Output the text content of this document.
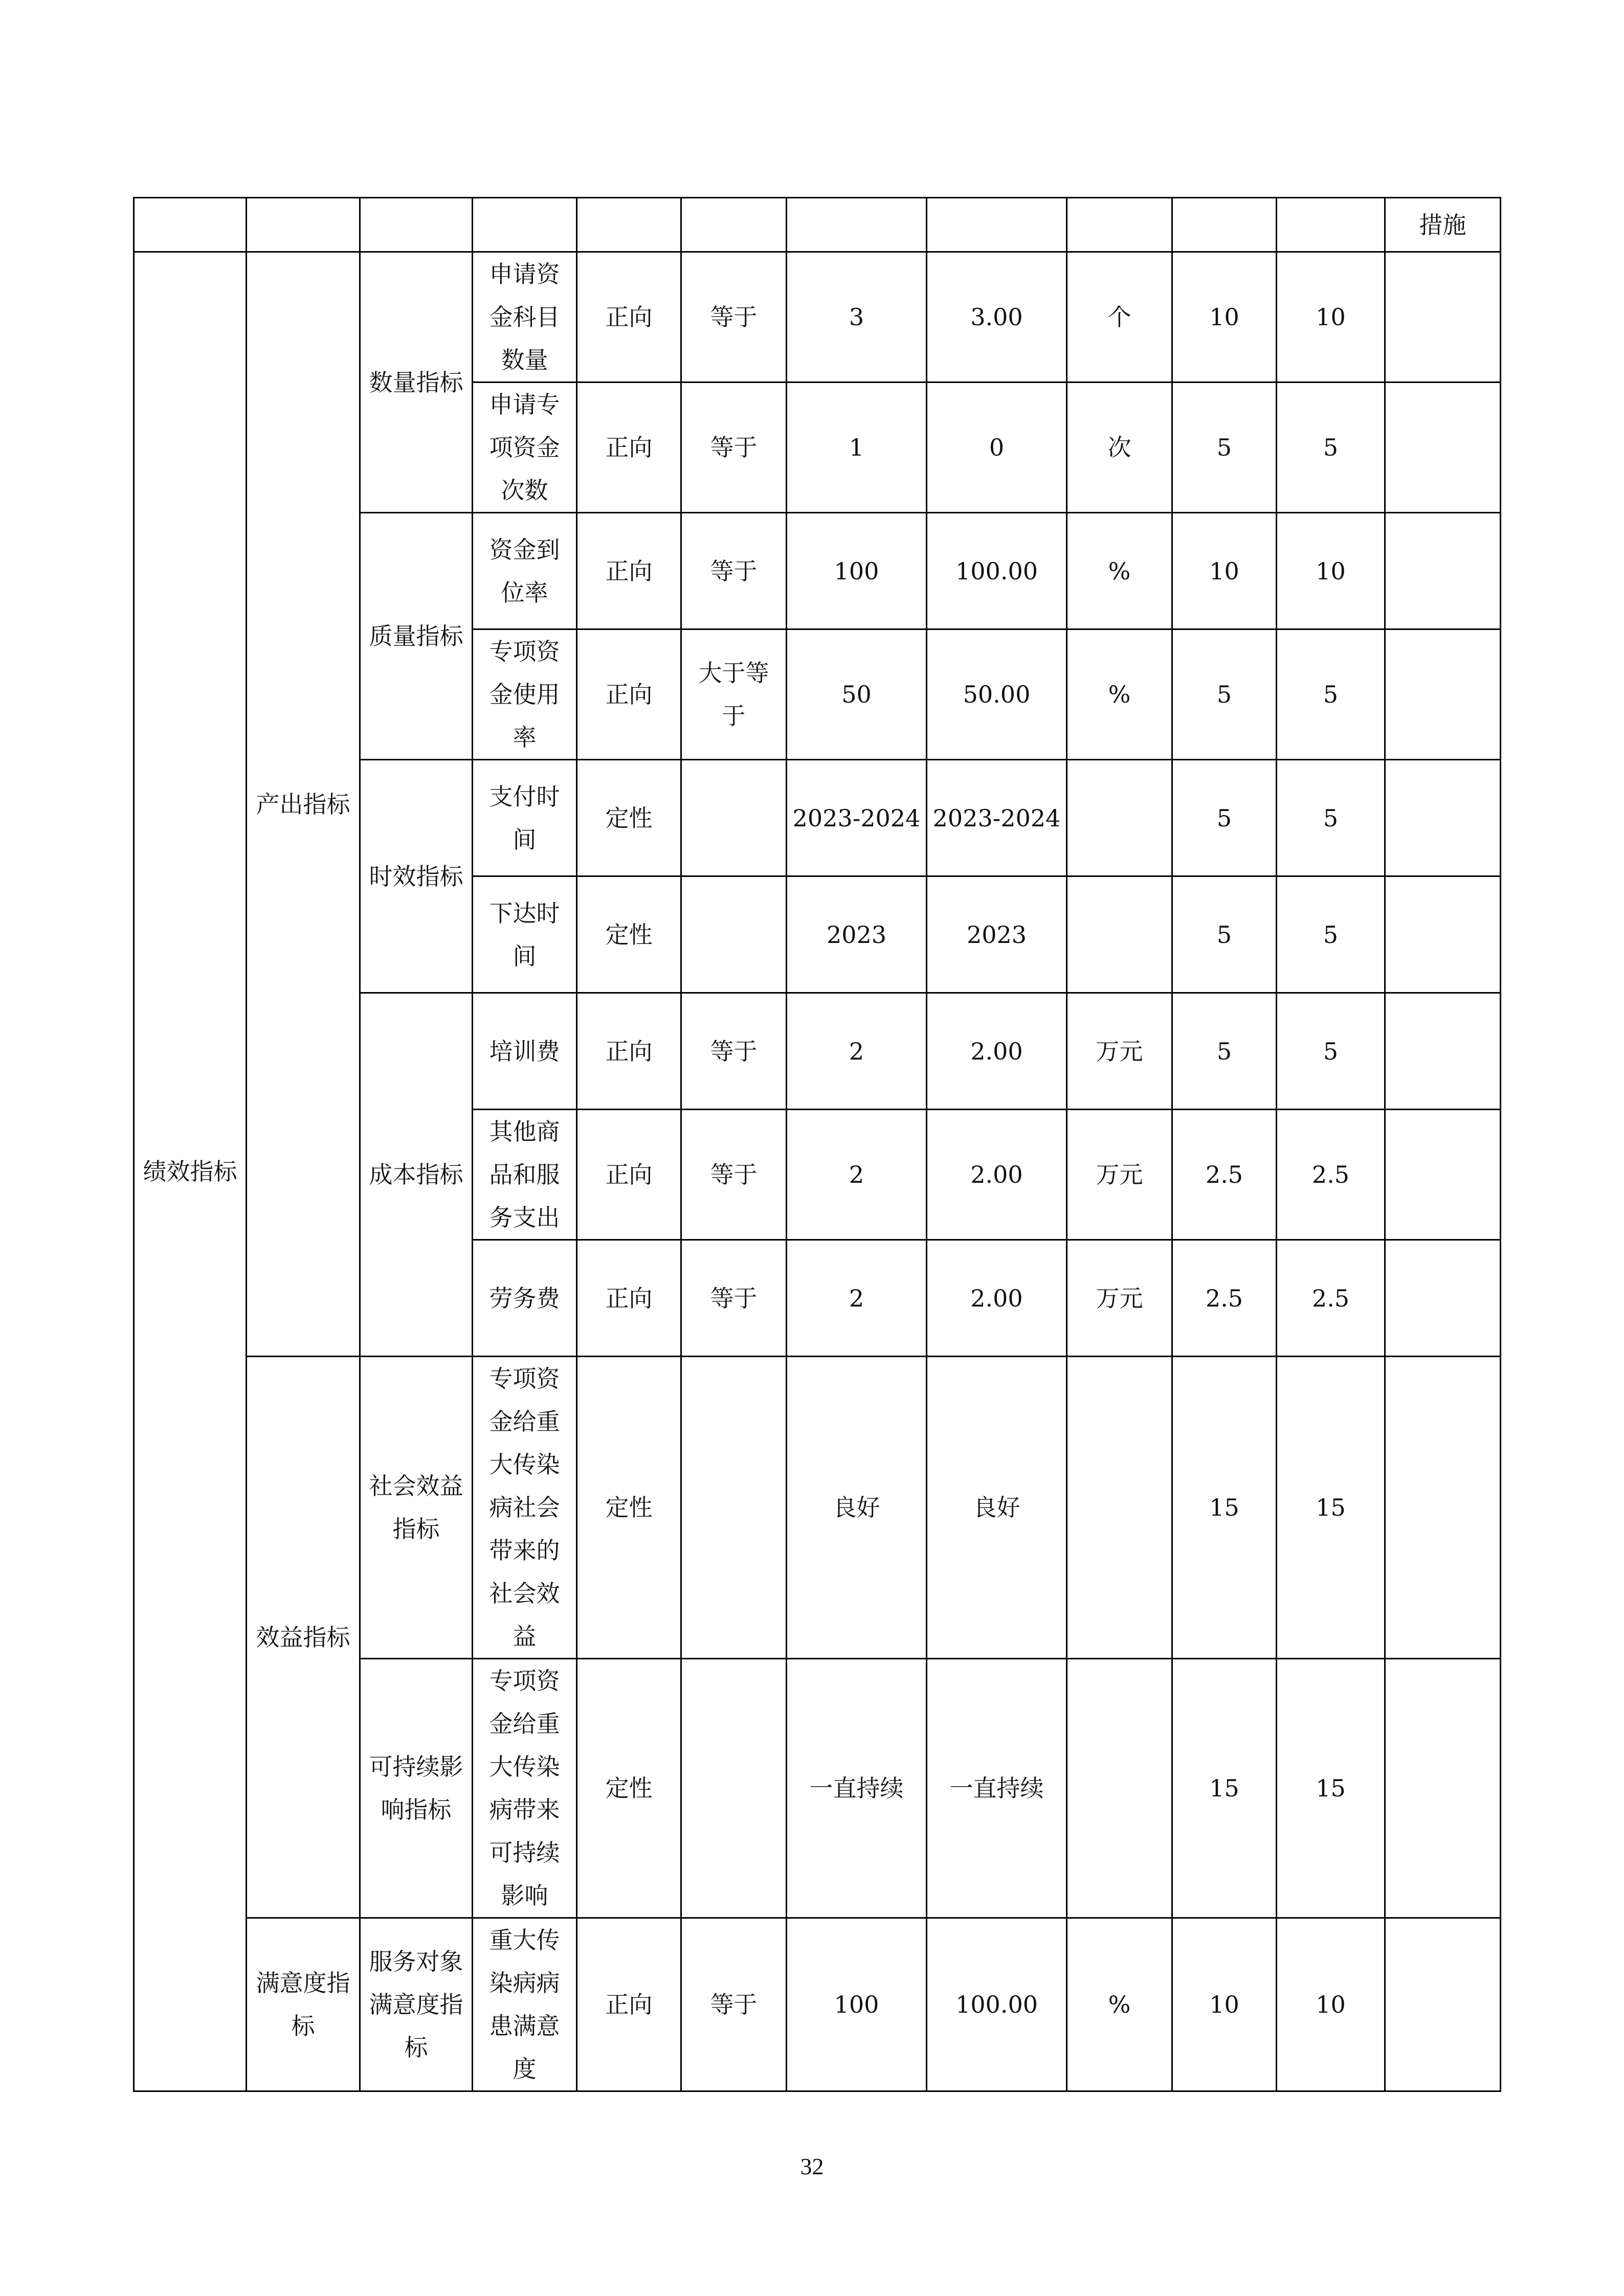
											措施
绩效指标	产出指标	数量指标	申请资金科目数量	正向	等于	3	3.00	个	10	10	
			申请专项资金次数	正向	等于	1	0	次	5	5	
		质量指标	资金到位率	正向	等于	100	100.00	%	10	10	
			专项资金使用率	正向	大于等于	50	50.00	%	5	5	
		时效指标	支付时间	定性		2023-2024	2023-2024		5	5	
			下达时间	定性		2023	2023		5	5	
		成本指标	培训费	正向	等于	2	2.00	万元	5	5	
			其他商品和服务支出	正向	等于	2	2.00	万元	2.5	2.5	
			劳务费	正向	等于	2	2.00	万元	2.5	2.5	
	效益指标	社会效益指标	专项资金给重大传染病社会带来的社会效益	定性		良好	良好		15	15	
		可持续影响指标	专项资金给重大传染病带来可持续影响	定性		一直持续	一直持续		15	15	
	满意度指标	服务对象满意度指标	重大传染病病患满意度	正向	等于	100	100.00	%	10	10	
32
